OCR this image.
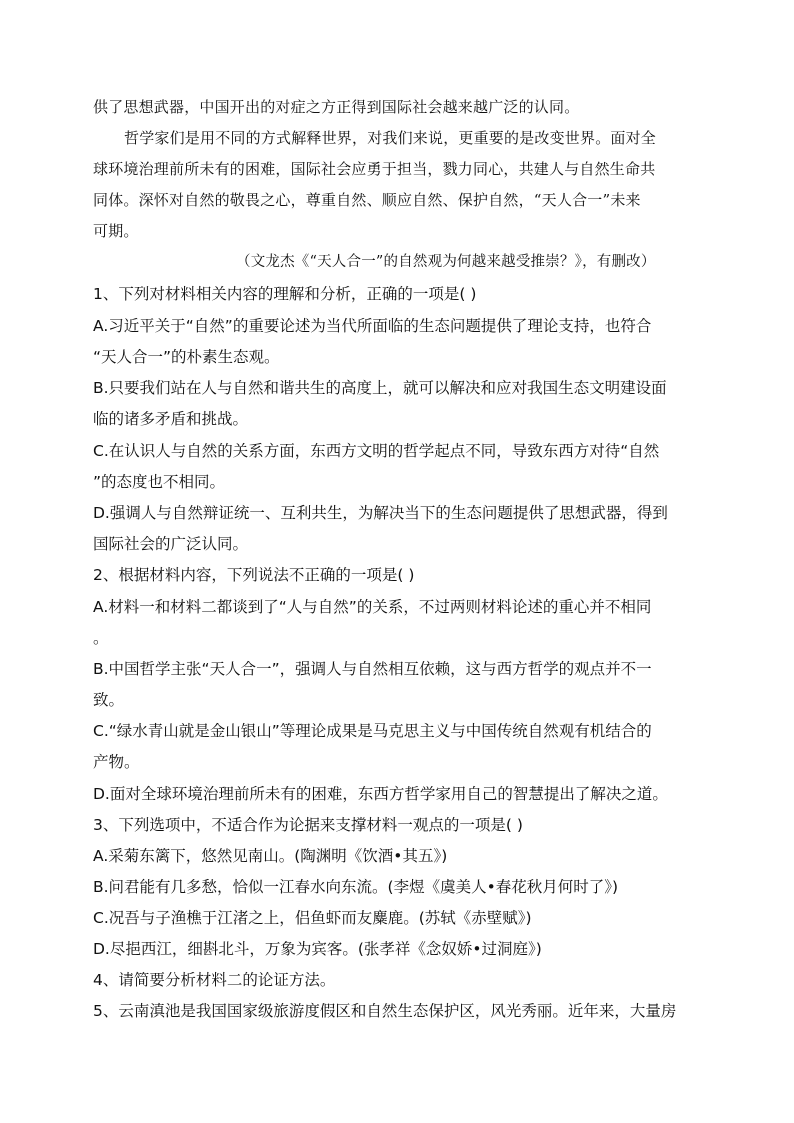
供了思想武器，中国开出的对症之方正得到国际社会越来越广泛的认同。
哲学家们是用不同的方式解释世界，对我们来说，更重要的是改变世界。面对全
球环境治理前所未有的困难，国际社会应勇于担当，戮力同心，共建人与自然生命共
同体。深怀对自然的敬畏之心，尊重自然、顺应自然、保护自然，“天人合一”未来
可期。
（文龙杰《“天人合一”的自然观为何越来越受推崇？》，有删改）
1、下列对材料相关内容的理解和分析，正确的一项是( )
A.习近平关于“自然”的重要论述为当代所面临的生态问题提供了理论支持，也符合
“天人合一”的朴素生态观。
B.只要我们站在人与自然和谐共生的高度上，就可以解决和应对我国生态文明建设面
临的诸多矛盾和挑战。
C.在认识人与自然的关系方面，东西方文明的哲学起点不同，导致东西方对待“自然
”的态度也不相同。
D.强调人与自然辩证统一、互利共生，为解决当下的生态问题提供了思想武器，得到
国际社会的广泛认同。
2、根据材料内容，下列说法不正确的一项是( )
A.材料一和材料二都谈到了“人与自然”的关系，不过两则材料论述的重心并不相同
。
B.中国哲学主张“天人合一”，强调人与自然相互依赖，这与西方哲学的观点并不一
致。
C.“绿水青山就是金山银山”等理论成果是马克思主义与中国传统自然观有机结合的
产物。
D.面对全球环境治理前所未有的困难，东西方哲学家用自己的智慧提出了解决之道。
3、下列选项中，不适合作为论据来支撑材料一观点的一项是( )
A.采菊东篱下，悠然见南山。(陶渊明《饮酒•其五》)
B.问君能有几多愁，恰似一江春水向东流。(李煜《虞美人•春花秋月何时了》)
C.况吾与子渔樵于江渚之上，侣鱼虾而友麋鹿。(苏轼《赤壁赋》)
D.尽挹西江，细斟北斗，万象为宾客。(张孝祥《念奴娇•过洞庭》)
4、请简要分析材料二的论证方法。
5、云南滇池是我国国家级旅游度假区和自然生态保护区，风光秀丽。近年来，大量房
